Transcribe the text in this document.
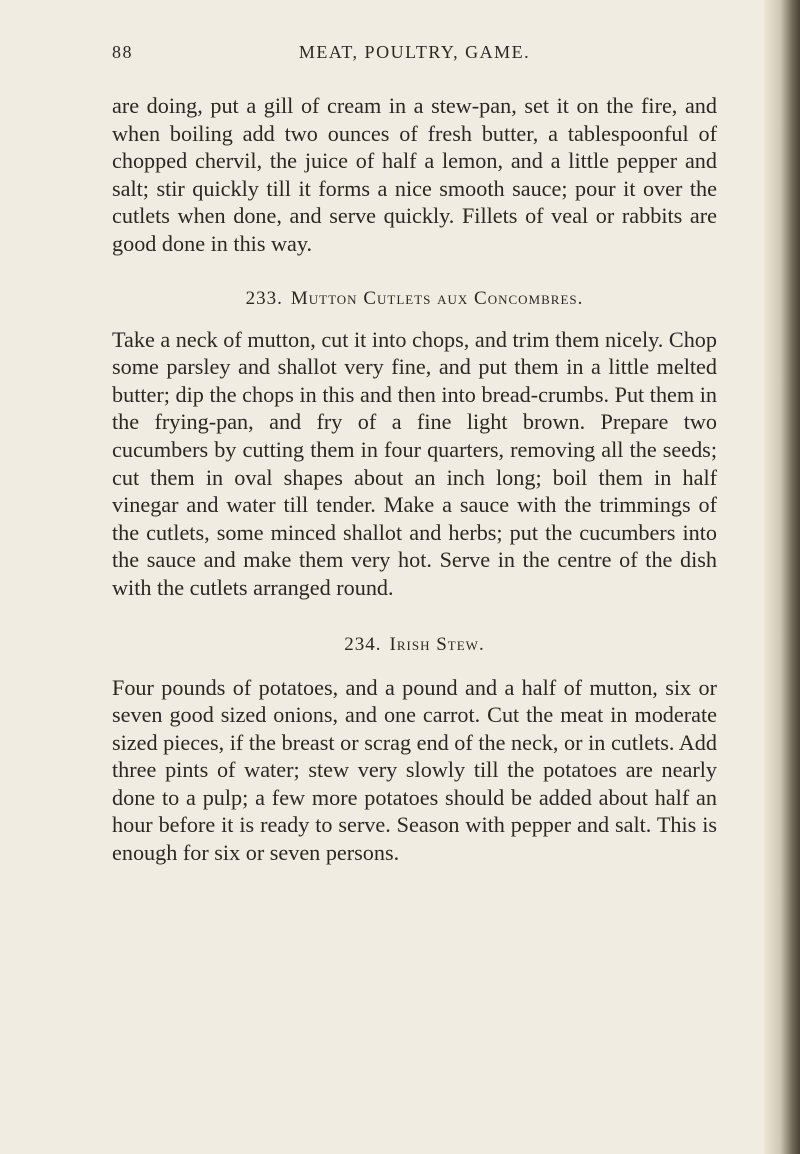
88	MEAT, POULTRY, GAME.

are doing, put a gill of cream in a stew-pan, set it on the fire, and when boiling add two ounces of fresh butter, a tablespoonful of chopped chervil, the juice of half a lemon, and a little pepper and salt; stir quickly till it forms a nice smooth sauce; pour it over the cutlets when done, and serve quickly. Fillets of veal or rabbits are good done in this way.

233. Mutton Cutlets aux Concombres.

Take a neck of mutton, cut it into chops, and trim them nicely. Chop some parsley and shallot very fine, and put them in a little melted butter; dip the chops in this and then into bread-crumbs. Put them in the frying-pan, and fry of a fine light brown. Prepare two cucumbers by cutting them in four quarters, removing all the seeds; cut them in oval shapes about an inch long; boil them in half vinegar and water till tender. Make a sauce with the trimmings of the cutlets, some minced shallot and herbs; put the cucumbers into the sauce and make them very hot. Serve in the centre of the dish with the cutlets arranged round.

234. Irish Stew.

Four pounds of potatoes, and a pound and a half of mutton, six or seven good sized onions, and one carrot. Cut the meat in moderate sized pieces, if the breast or scrag end of the neck, or in cutlets. Add three pints of water; stew very slowly till the potatoes are nearly done to a pulp; a few more potatoes should be added about half an hour before it is ready to serve. Season with pepper and salt. This is enough for six or seven persons.
